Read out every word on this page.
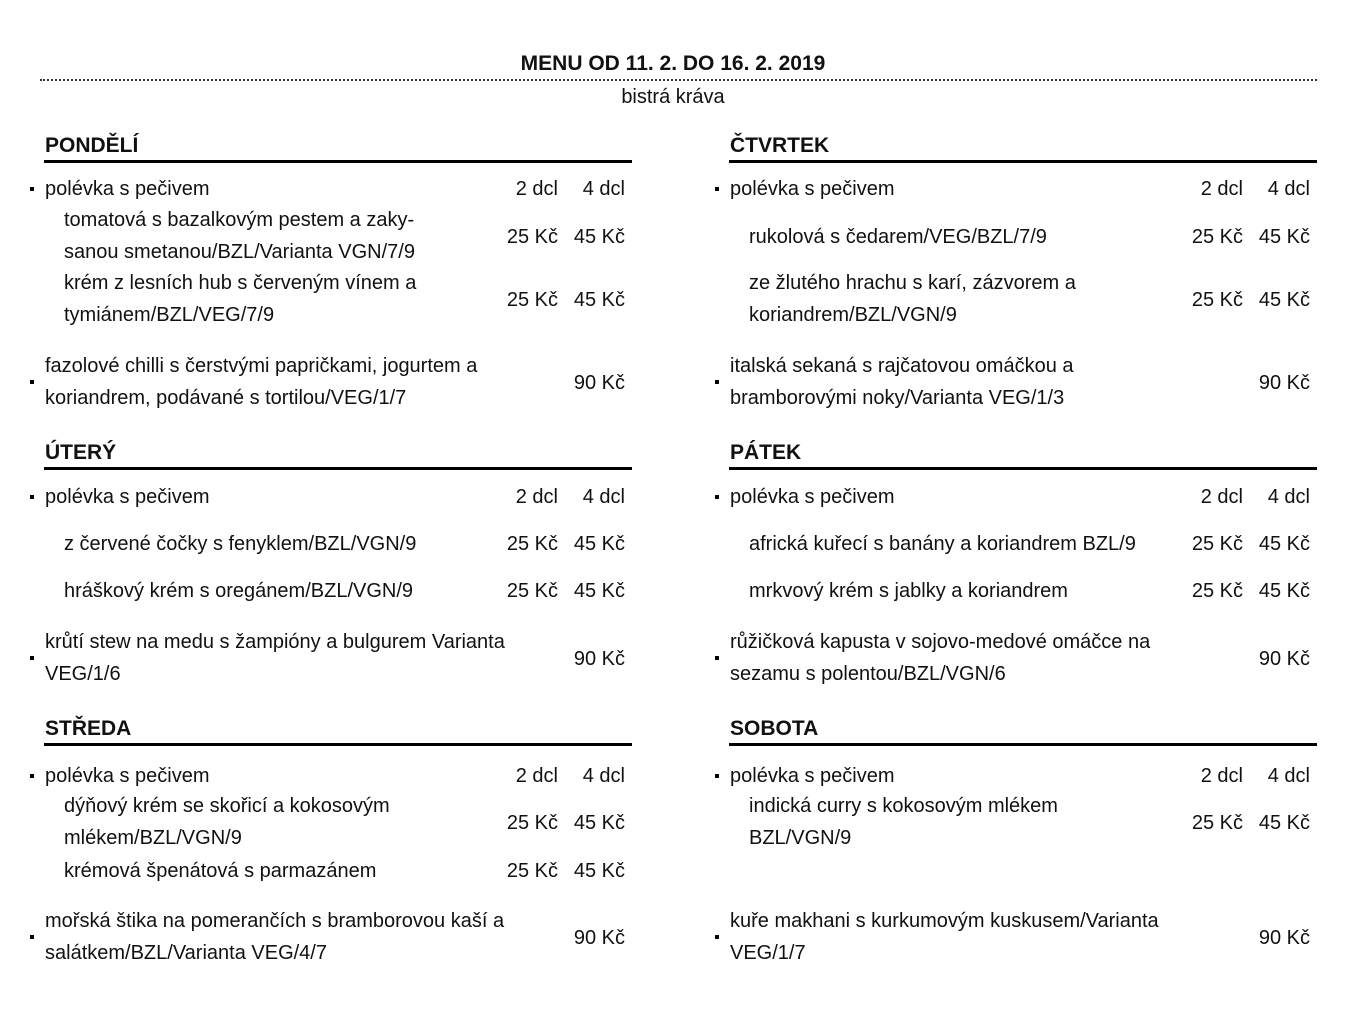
MENU OD 11. 2. DO 16. 2. 2019
bistrá kráva
PONDĚLÍ
polévka s pečivem	2 dcl 4 dcl
tomatová s bazalkovým pestem a zaky-
sanou smetanou/BZL/Varianta VGN/7/9
25 Kč 45 Kč
krém z lesních hub s červeným vínem a
tymiánem/BZL/VEG/7/9
25 Kč 45 Kč
fazolové chilli s čerstvými papričkami, jogurtem a
koriandrem, podávané s tortilou/VEG/1/7
90 Kč
ČTVRTEK
polévka s pečivem	2 dcl 4 dcl
rukolová s čedarem/VEG/BZL/7/9	25 Kč 45 Kč
ze žlutého hrachu s karí, zázvorem a
koriandrem/BZL/VGN/9
25 Kč 45 Kč
italská sekaná s rajčatovou omáčkou a
bramborovými noky/Varianta VEG/1/3
90 Kč
ÚTERÝ
polévka s pečivem	2 dcl 4 dcl
z červené čočky s fenyklem/BZL/VGN/9	25 Kč 45 Kč
hráškový krém s oregánem/BZL/VGN/9	25 Kč 45 Kč
krůtí stew na medu s žampióny a bulgurem Varianta
VEG/1/6
90 Kč
PÁTEK
polévka s pečivem	2 dcl 4 dcl
africká kuřecí s banány a koriandrem BZL/9	25 Kč 45 Kč
mrkvový krém s jablky a koriandrem	25 Kč 45 Kč
růžičková kapusta v sojovo-medové omáčce na
sezamu s polentou/BZL/VGN/6
90 Kč
STŘEDA
polévka s pečivem	2 dcl 4 dcl
dýňový krém se skořicí a kokosovým
mlékem/BZL/VGN/9
25 Kč 45 Kč
krémová špenátová s parmazánem	25 Kč 45 Kč
mořská štika na pomerančích s bramborovou kaší a
salátkem/BZL/Varianta VEG/4/7
90 Kč
SOBOTA
polévka s pečivem	2 dcl 4 dcl
indická curry s kokosovým mlékem
BZL/VGN/9
25 Kč 45 Kč
kuře makhani s kurkumovým kuskusem/Varianta
VEG/1/7
90 Kč
